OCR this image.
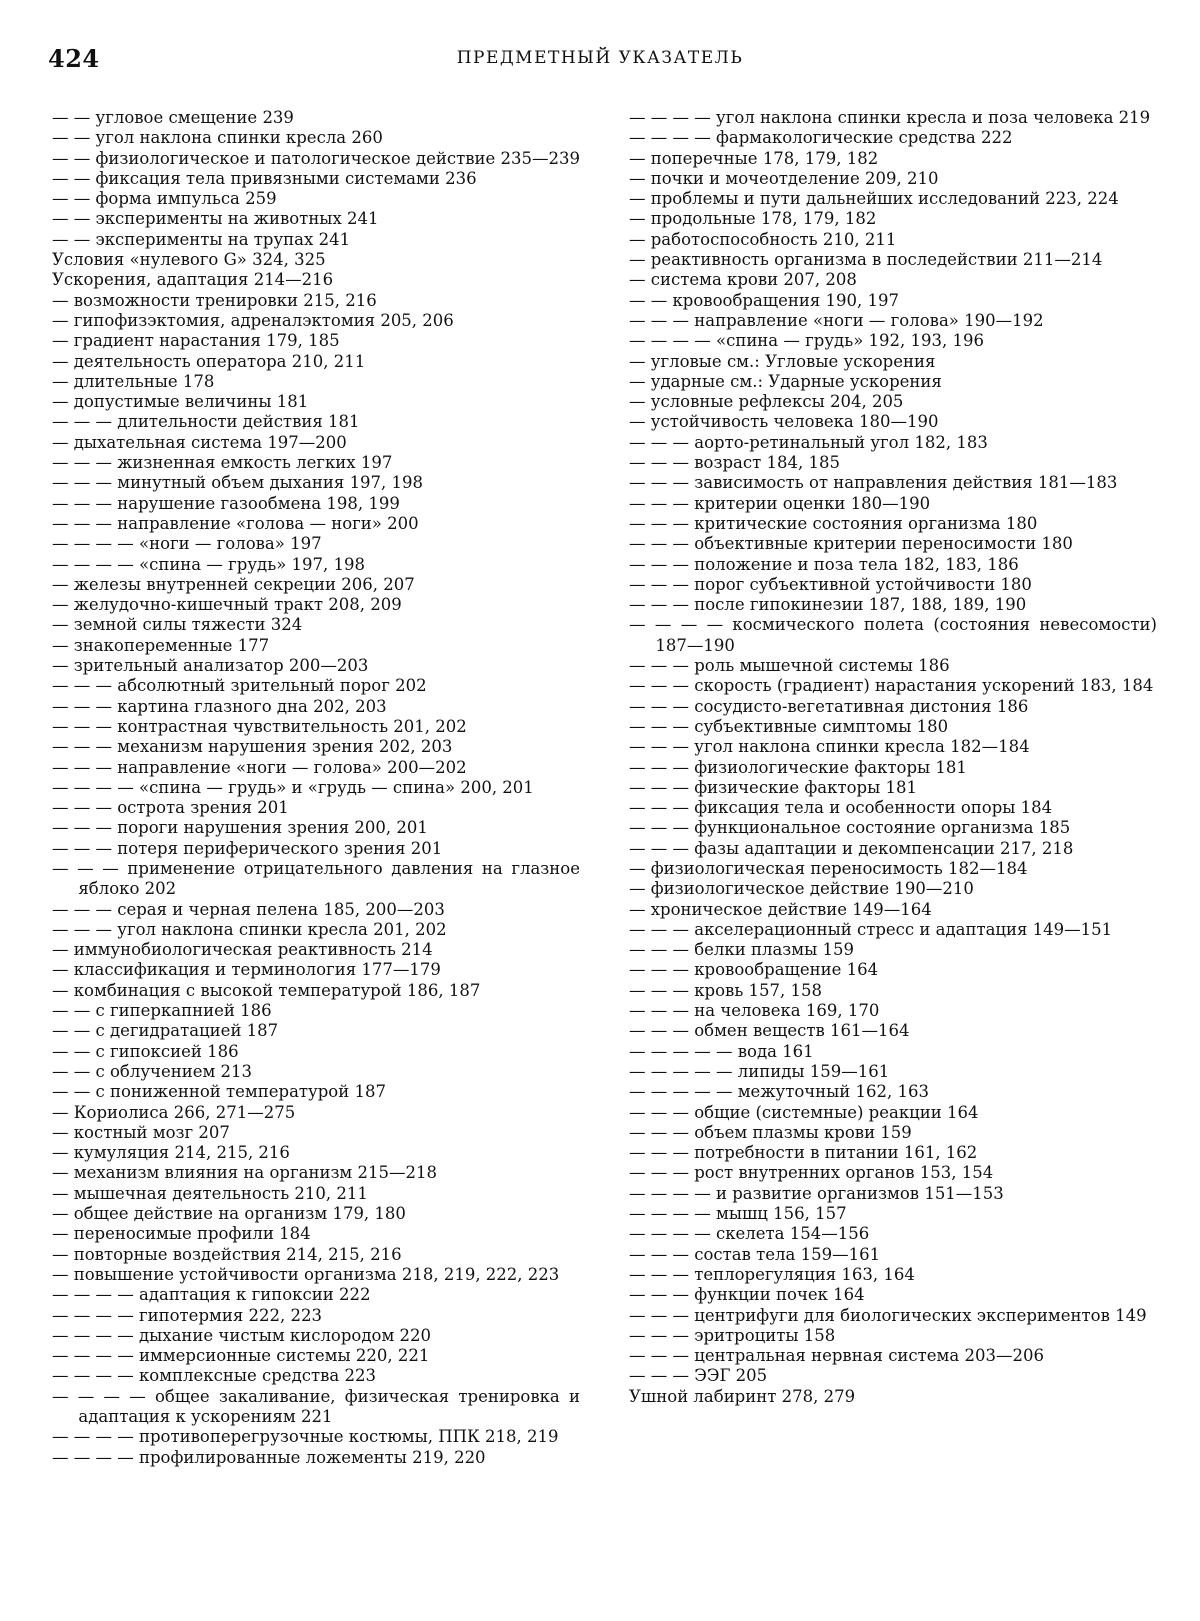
424	ПРЕДМЕТНЫЙ УКАЗАТЕЛЬ

— — угловое смещение 239

— — угол наклона спинки кресла 260

— — физиологическое и патологическое действие 235—239

— — фиксация тела привязными системами 236

— — форма импульса 259

— — эксперименты на животных 241

— — эксперименты на трупах 241

Условия «нулевого G» 324, 325

Ускорения, адаптация 214—216

— возможности тренировки 215, 216

— гипофизэктомия, адреналэктомия 205, 206

— градиент нарастания 179, 185

— деятельность оператора 210, 211

— длительные 178

— допустимые величины 181

— — — длительности действия 181

— дыхательная система 197—200

— — — жизненная емкость легких 197

— — — минутный объем дыхания 197, 198

— — — нарушение газообмена 198, 199

— — — направление «голова — ноги» 200

— — — — «ноги — голова» 197

— — — — «спина — грудь» 197, 198

— железы внутренней секреции 206, 207

— желудочно-кишечный тракт 208, 209

— земной силы тяжести 324

— знакопеременные 177

— зрительный анализатор 200—203

— — — абсолютный зрительный порог 202

— — — картина глазного дна 202, 203

— — — контрастная чувствительность 201, 202

— — — механизм нарушения зрения 202, 203

— — — направление «ноги — голова» 200—202

— — — — «спина — грудь» и «грудь — спина» 200, 201

— — — острота зрения 201

— — — пороги нарушения зрения 200, 201

— — — потеря периферического зрения 201

— — — применение отрицательного давления на глазное яблоко 202

— — — серая и черная пелена 185, 200—203

— — — угол наклона спинки кресла 201, 202

— иммунобиологическая реактивность 214

— классификация и терминология 177—179

— комбинация с высокой температурой 186, 187

— — с гиперкапнией 186

— — с дегидратацией 187

— — с гипоксией 186

— — с облучением 213

— — с пониженной температурой 187

— Кориолиса 266, 271—275

— костный мозг 207

— кумуляция 214, 215, 216

— механизм влияния на организм 215—218

— мышечная деятельность 210, 211

— общее действие на организм 179, 180

— переносимые профили 184

— повторные воздействия 214, 215, 216

— повышение устойчивости организма 218, 219, 222, 223

— — — — адаптация к гипоксии 222

— — — — гипотермия 222, 223

— — — — дыхание чистым кислородом 220

— — — — иммерсионные системы 220, 221

— — — — комплексные средства 223

— — — — общее закаливание, физическая тренировка и адаптация к ускорениям 221

— — — — противоперегрузочные костюмы, ППК 218, 219

— — — — профилированные ложементы 219, 220

— — — — угол наклона спинки кресла и поза человека 219

— — — — фармакологические средства 222

— поперечные 178, 179, 182

— почки и мочеотделение 209, 210

— проблемы и пути дальнейших исследований 223, 224

— продольные 178, 179, 182

— работоспособность 210, 211

— реактивность организма в последействии 211—214

— система крови 207, 208

— — кровообращения 190, 197

— — — направление «ноги — голова» 190—192

— — — — «спина — грудь» 192, 193, 196

— угловые см.: Угловые ускорения

— ударные см.: Ударные ускорения

— условные рефлексы 204, 205

— устойчивость человека 180—190

— — — аорто-ретинальный угол 182, 183

— — — возраст 184, 185

— — — зависимость от направления действия 181—183

— — — критерии оценки 180—190

— — — критические состояния организма 180

— — — объективные критерии переносимости 180

— — — положение и поза тела 182, 183, 186

— — — порог субъективной устойчивости 180

— — — после гипокинезии 187, 188, 189, 190

— — — — космического полета (состояния невесомости) 187—190

— — — роль мышечной системы 186

— — — скорость (градиент) нарастания ускорений 183, 184

— — — сосудисто-вегетативная дистония 186

— — — субъективные симптомы 180

— — — угол наклона спинки кресла 182—184

— — — физиологические факторы 181

— — — физические факторы 181

— — — фиксация тела и особенности опоры 184

— — — функциональное состояние организма 185

— — — фазы адаптации и декомпенсации 217, 218

— физиологическая переносимость 182—184

— физиологическое действие 190—210

— хроническое действие 149—164

— — — акселерационный стресс и адаптация 149—151

— — — белки плазмы 159

— — — кровообращение 164

— — — кровь 157, 158

— — — на человека 169, 170

— — — обмен веществ 161—164

— — — — — вода 161

— — — — — липиды 159—161

— — — — — межуточный 162, 163

— — — общие (системные) реакции 164

— — — объем плазмы крови 159

— — — потребности в питании 161, 162

— — — рост внутренних органов 153, 154

— — — — и развитие организмов 151—153

— — — — мышц 156, 157

— — — — скелета 154—156

— — — состав тела 159—161

— — — теплорегуляция 163, 164

— — — функции почек 164

— — — центрифуги для биологических экспериментов 149

— — — эритроциты 158

— — — центральная нервная система 203—206

— — — ЭЭГ 205

Ушной лабиринт 278, 279
